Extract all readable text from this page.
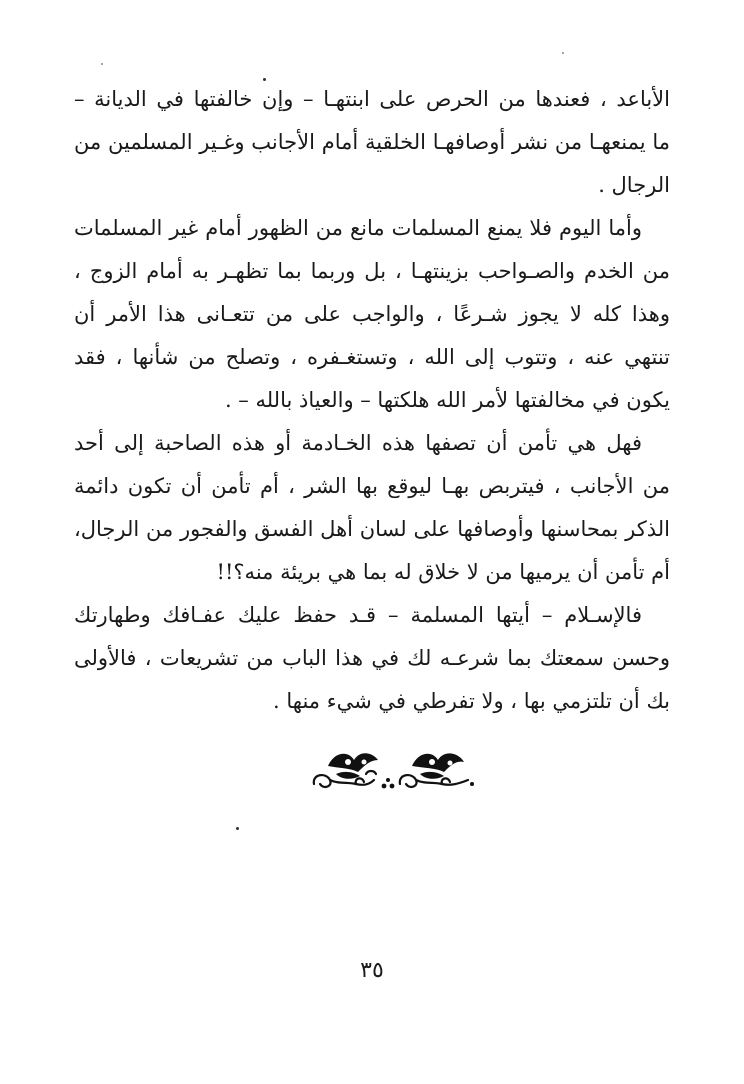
الأباعد ، فعندها من الحرص على ابنتهـا – وإن خالفتها في الديانة –
ما يمنعهـا من نشر أوصافهـا الخلقية أمام الأجانب وغـير المسلمين من
الرجال .

وأما اليوم فلا يمنع المسلمات مانع من الظهور أمام غير المسلمات
من الخدم والصـواحب بزينتهـا ، بل وربما بما تظهـر به أمام الزوج ،
وهذا كله لا يجوز شـرعًا ، والواجب على من تتعـانى هذا الأمر أن
تنتهي عنه ، وتتوب إلى الله ، وتستغـفره ، وتصلح من شأنها ، فقد
يكون في مخالفتها لأمر الله هلكتها – والعياذ بالله – .

فهل هي تأمن أن تصفها هذه الخـادمة أو هذه الصاحبة إلى أحد
من الأجانب ، فيتربص بهـا ليوقع بها الشر ، أم تأمن أن تكون دائمة
الذكر بمحاسنها وأوصافها على لسان أهل الفسق والفجور من الرجال،
أم تأمن أن يرميها من لا خلاق له بما هي بريئة منه؟!!

فالإسـلام – أيتها المسلمة – قـد حفظ عليك عفـافك وطهارتك
وحسن سمعتك بما شرعـه لك في هذا الباب من تشريعات ، فالأولى
بك أن تلتزمي بها ، ولا تفرطي في شيء منها .

٣٥
